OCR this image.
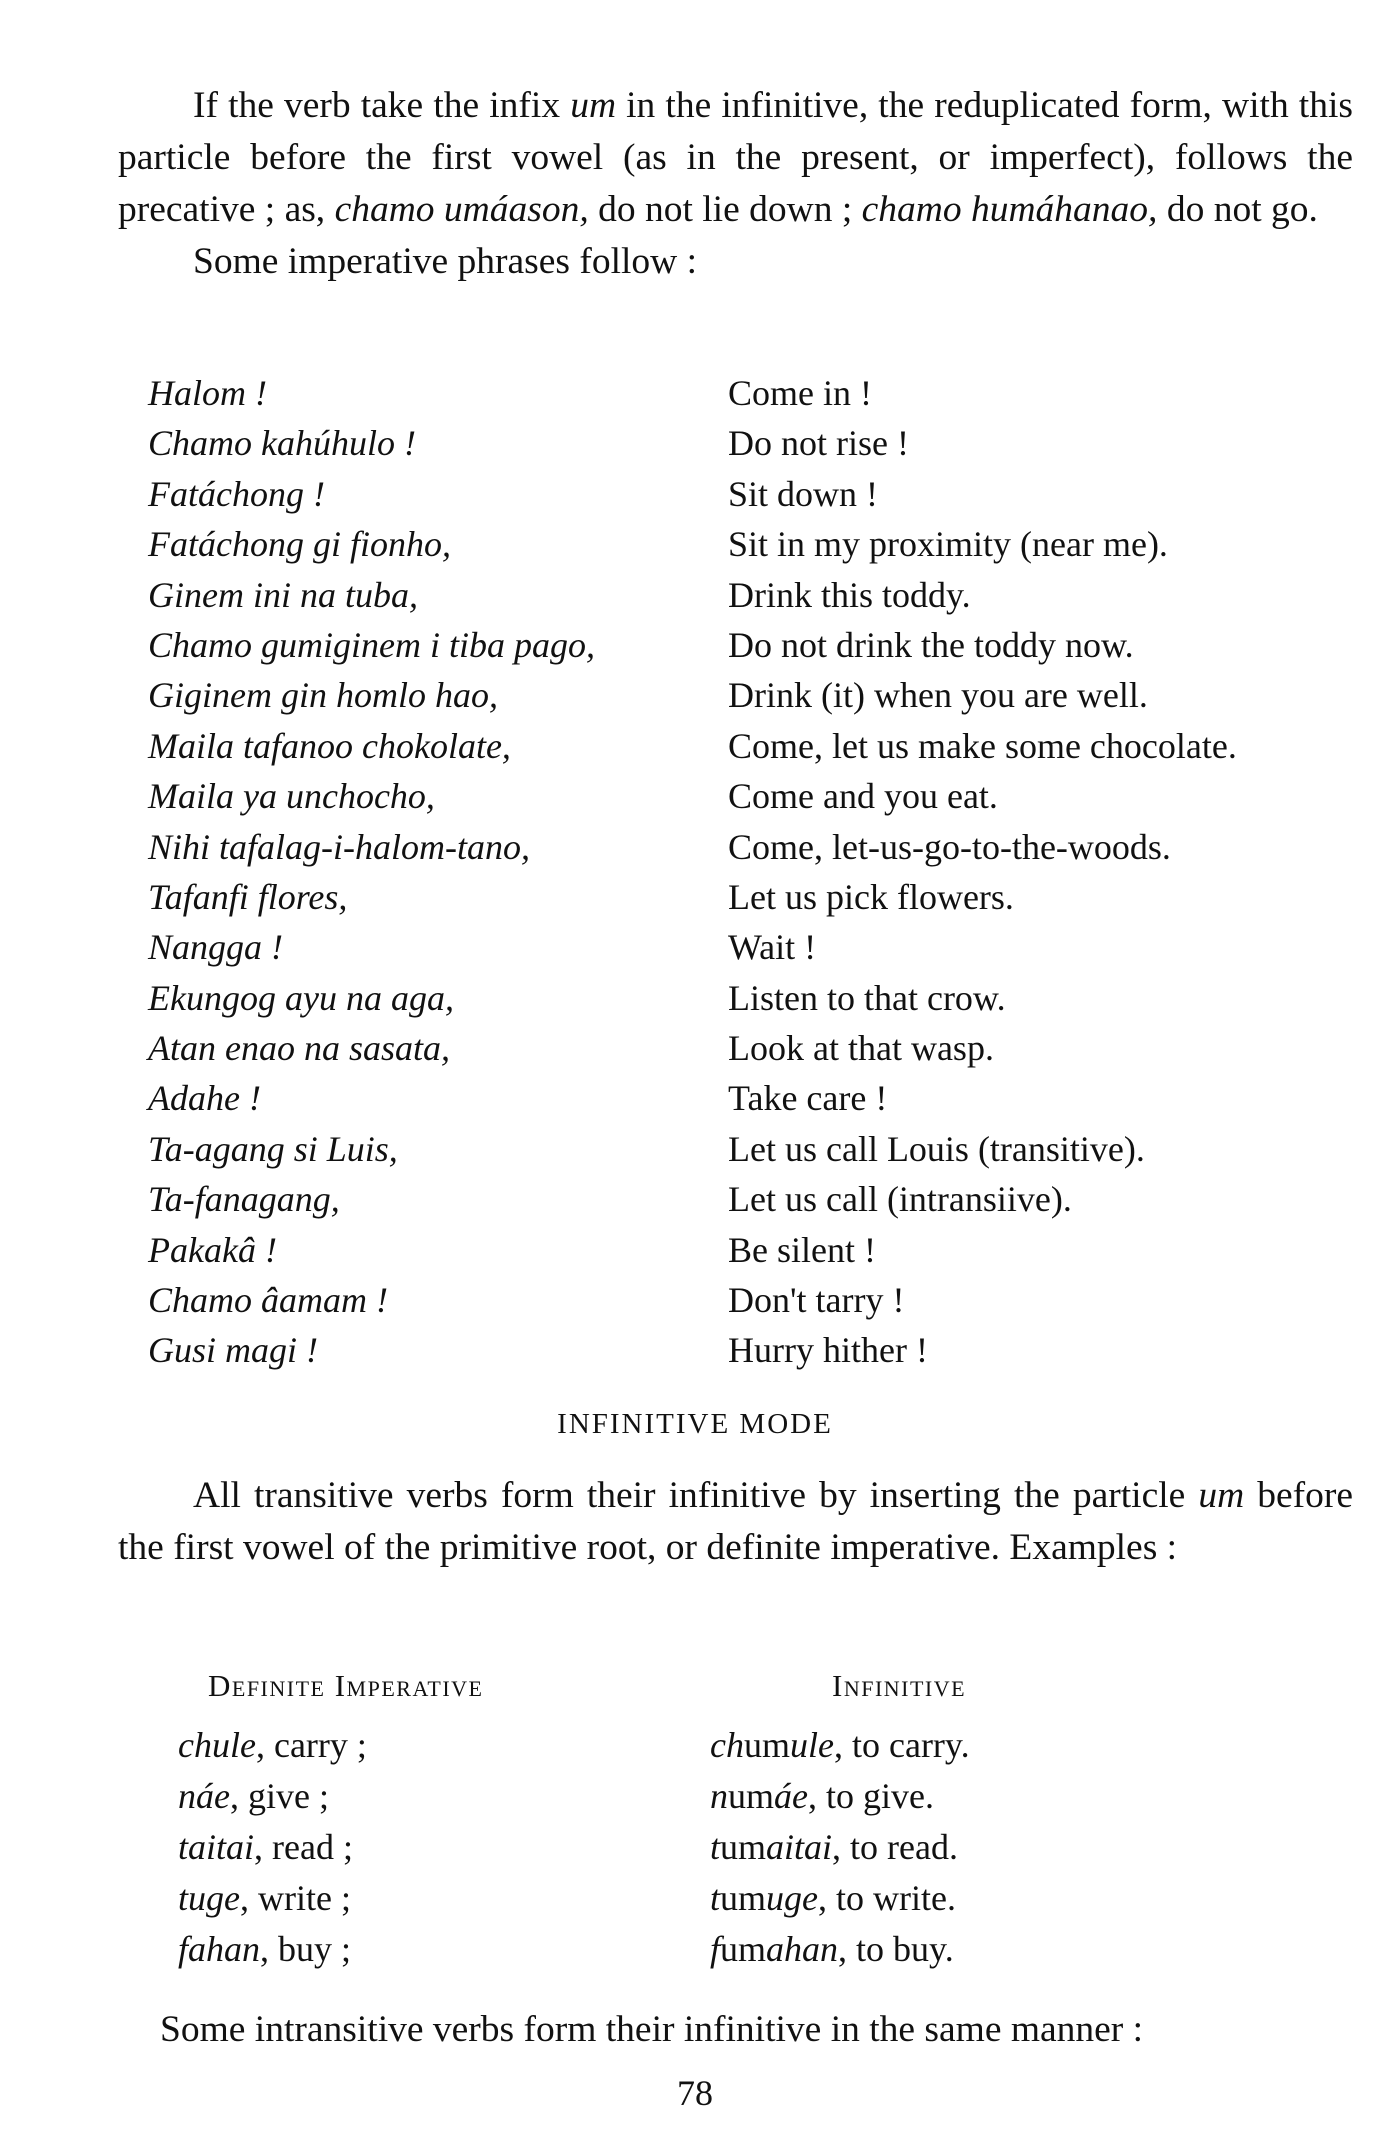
If the verb take the infix um in the infinitive, the reduplicated form, with this particle before the first vowel (as in the present, or imperfect), follows the precative ; as, chamo umáason, do not lie down ; chamo humáhanao, do not go.

Some imperative phrases follow :

Halom !	Come in !
Chamo kahúhulo !	Do not rise !
Fatáchong !	Sit down !
Fatáchong gi fionho,	Sit in my proximity (near me).
Ginem ini na tuba,	Drink this toddy.
Chamo gumiginem i tiba pago,	Do not drink the toddy now.
Giginem gin homlo hao,	Drink (it) when you are well.
Maila tafanoo chokolate,	Come, let us make some chocolate.
Maila ya unchocho,	Come and you eat.
Nihi tafalag-i-halom-tano,	Come, let-us-go-to-the-woods.
Tafanfi flores,	Let us pick flowers.
Nangga !	Wait !
Ekungog ayu na aga,	Listen to that crow.
Atan enao na sasata,	Look at that wasp.
Adahe !	Take care !
Ta-agang si Luis,	Let us call Louis (transitive).
Ta-fanagang,	Let us call (intransiive).
Pakakâ !	Be silent !
Chamo âamam !	Don't tarry !
Gusi magi !	Hurry hither !
INFINITIVE MODE

All transitive verbs form their infinitive by inserting the particle um before the first vowel of the primitive root, or definite imperative. Examples :

Definite Imperative	Infinitive
chule, carry ;	chumule, to carry.
náe, give ;	numáe, to give.
taitai, read ;	tumaitai, to read.
tuge, write ;	tumuge, to write.
fahan, buy ;	fumahan, to buy.
Some intransitive verbs form their infinitive in the same manner :
78
